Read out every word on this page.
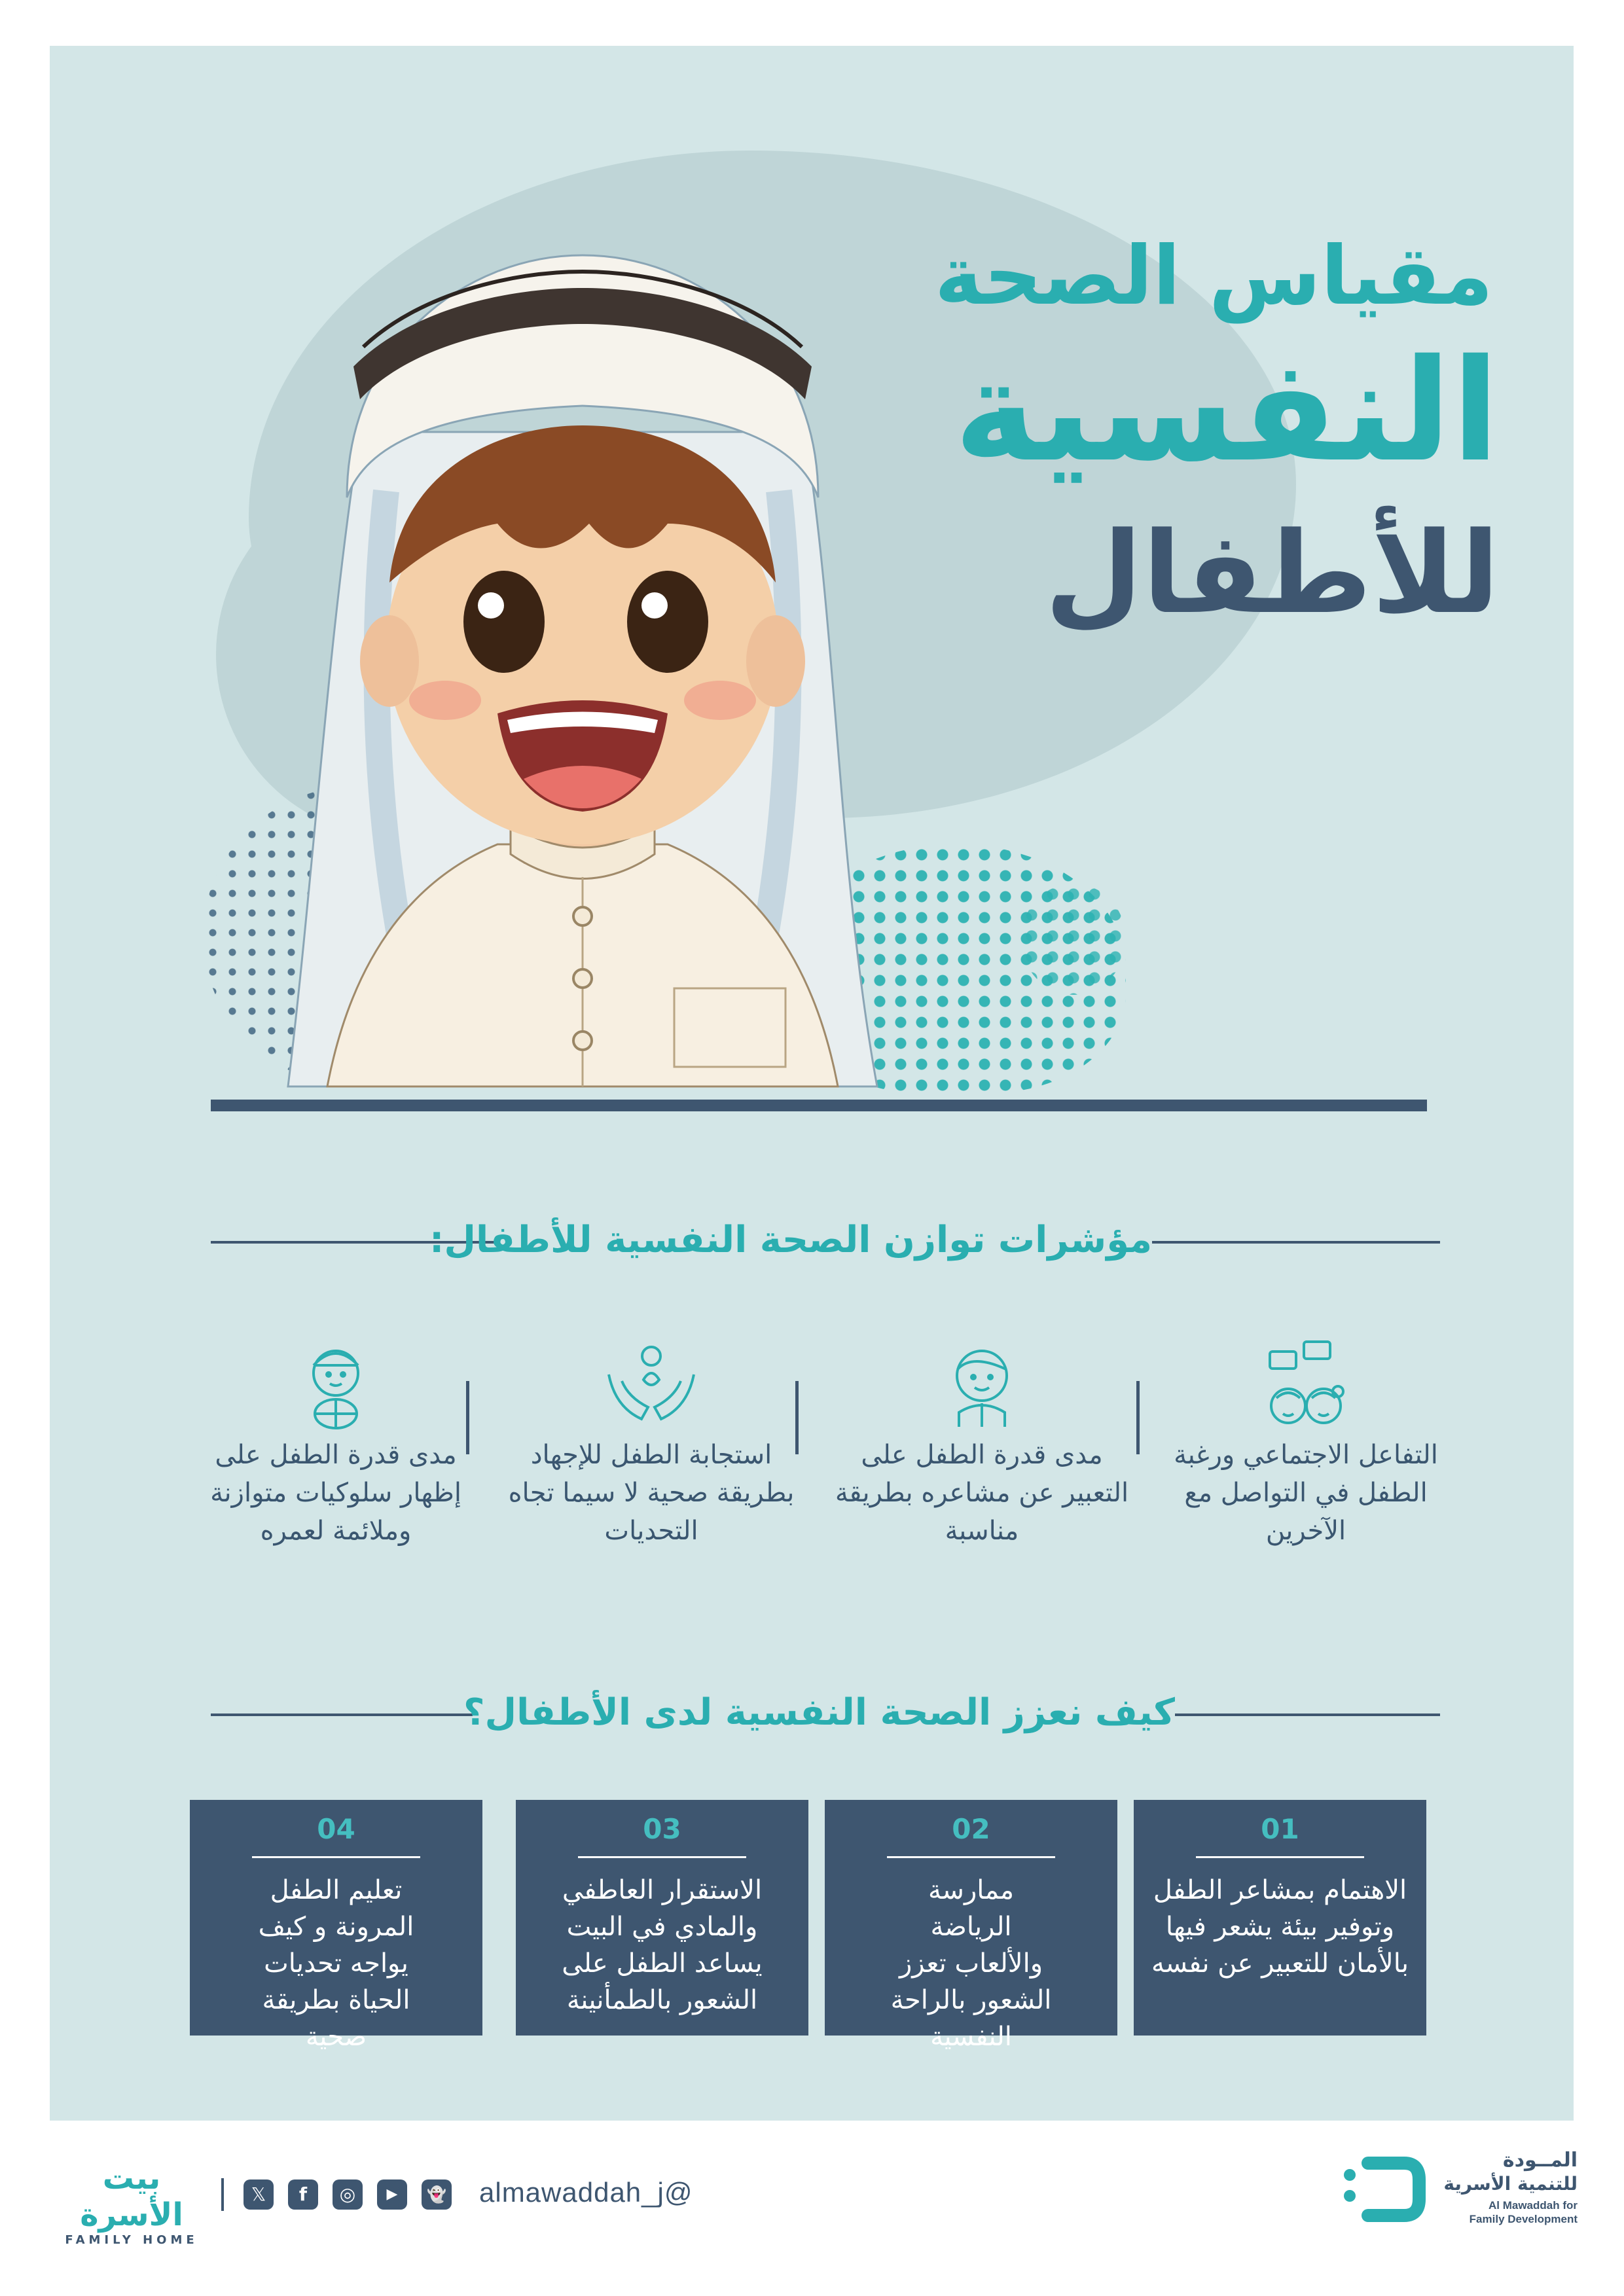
مقياس الصحة
النفسية
للأطفال
مؤشرات توازن الصحة النفسية للأطفال:
التفاعل الاجتماعي ورغبة الطفل في التواصل مع الآخرين
مدى قدرة الطفل على التعبير عن مشاعره بطريقة مناسبة
استجابة الطفل للإجهاد بطريقة صحية لا سيما تجاه التحديات
مدى قدرة الطفل على إظهار سلوكيات متوازنة وملائمة لعمره
كيف نعزز الصحة النفسية لدى الأطفال؟
01
الاهتمام بمشاعر الطفل وتوفير بيئة يشعر فيها بالأمان للتعبير عن نفسه
02
ممارسة الرياضة والألعاب تعزز الشعور بالراحة النفسية
03
الاستقرار العاطفي والمادي في البيت يساعد الطفل على الشعور بالطمأنينة
04
تعليم الطفل المرونة و كيف يواجه تحديات الحياة بطريقة صحية
بيت الأسرة
FAMILY HOME
𝕏	f	◎	▶	👻 almawaddah_j@
المــودة
للتنمية الأسرية
Al Mawaddah for
Family Development
